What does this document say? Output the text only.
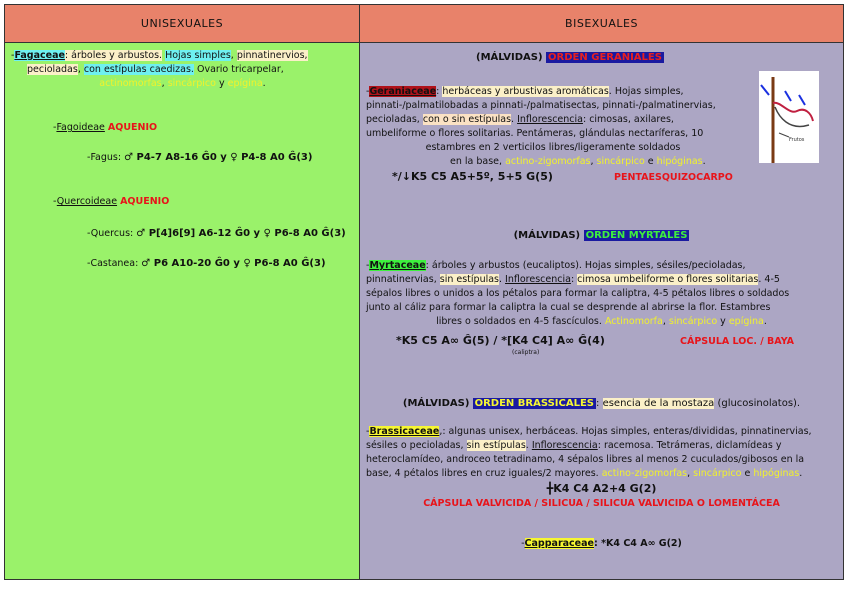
UNISEXUALES	BISEXUALES
-Fagaceae: árboles y arbustos. Hojas simples, pinnatinervios,
pecioladas, con estípulas caedizas. Ovario tricarpelar,
actinomorfas, sincárpico y epígina.
-Fagoideae AQUENIO
-Fagus: ♂ P4-7 A8-16 Ĝ0 y ♀ P4-8 A0 Ĝ(3)
-Quercoideae AQUENIO
-Quercus: ♂ P[4]6[9] A6-12 Ĝ0 y ♀ P6-8 A0 Ĝ(3)
-Castanea: ♂ P6 A10-20 Ĝ0 y ♀ P6-8 A0 Ĝ(3)
(MÁLVIDAS) ORDEN GERANIALES
-Geraniaceae: herbáceas y arbustivas aromáticas. Hojas simples,
pinnati-/palmatilobadas a pinnati-/palmatisectas, pinnati-/palmatinervias,
pecioladas, con o sin estípulas. Inflorescencia: cimosas, axilares,
umbeliforme o flores solitarias. Pentámeras, glándulas nectaríferas, 10
estambres en 2 verticilos libres/ligeramente soldados
en la base, actino-zigomorfas, sincárpico e hipóginas.
*/↓K5 C5 A5+5º, 5+5 G(5)	PENTAESQUIZOCARPO
Frutos
(MÁLVIDAS) ORDEN MYRTALES
-Myrtaceae: árboles y arbustos (eucaliptos). Hojas simples, sésiles/pecioladas,
pinnatinervias, sin estípulas. Inflorescencia: cimosa umbeliforme o flores solitarias. 4-5
sépalos libres o unidos a los pétalos para formar la caliptra, 4-5 pétalos libres o soldados
junto al cáliz para formar la caliptra la cual se desprende al abrirse la flor. Estambres
libres o soldados en 4-5 fascículos. Actinomorfa, sincárpico y epígina.
*K5 C5 A∞ Ĝ(5) / *[K4 C4] A∞ Ĝ(4)
(caliptra)
CÁPSULA LOC. / BAYA
(MÁLVIDAS) ORDEN BRASSICALES : esencia de la mostaza (glucosinolatos).
-Brassicaceae,: algunas unisex, herbáceas. Hojas simples, enteras/divididas, pinnatinervias,
sésiles o pecioladas, sin estípulas. Inflorescencia: racemosa. Tetrámeras, diclamídeas y
heteroclamídeo, androceo tetradinamo, 4 sépalos libres al menos 2 cuculados/gibosos en la
base, 4 pétalos libres en cruz iguales/2 mayores. actino-zigomorfas, sincárpico e hipóginas.
╋K4 C4 A2+4 G(2)
CÁPSULA VALVICIDA / SILICUA / SILICUA VALVICIDA O LOMENTÁCEA
-Capparaceae: *K4 C4 A∞ G(2)
